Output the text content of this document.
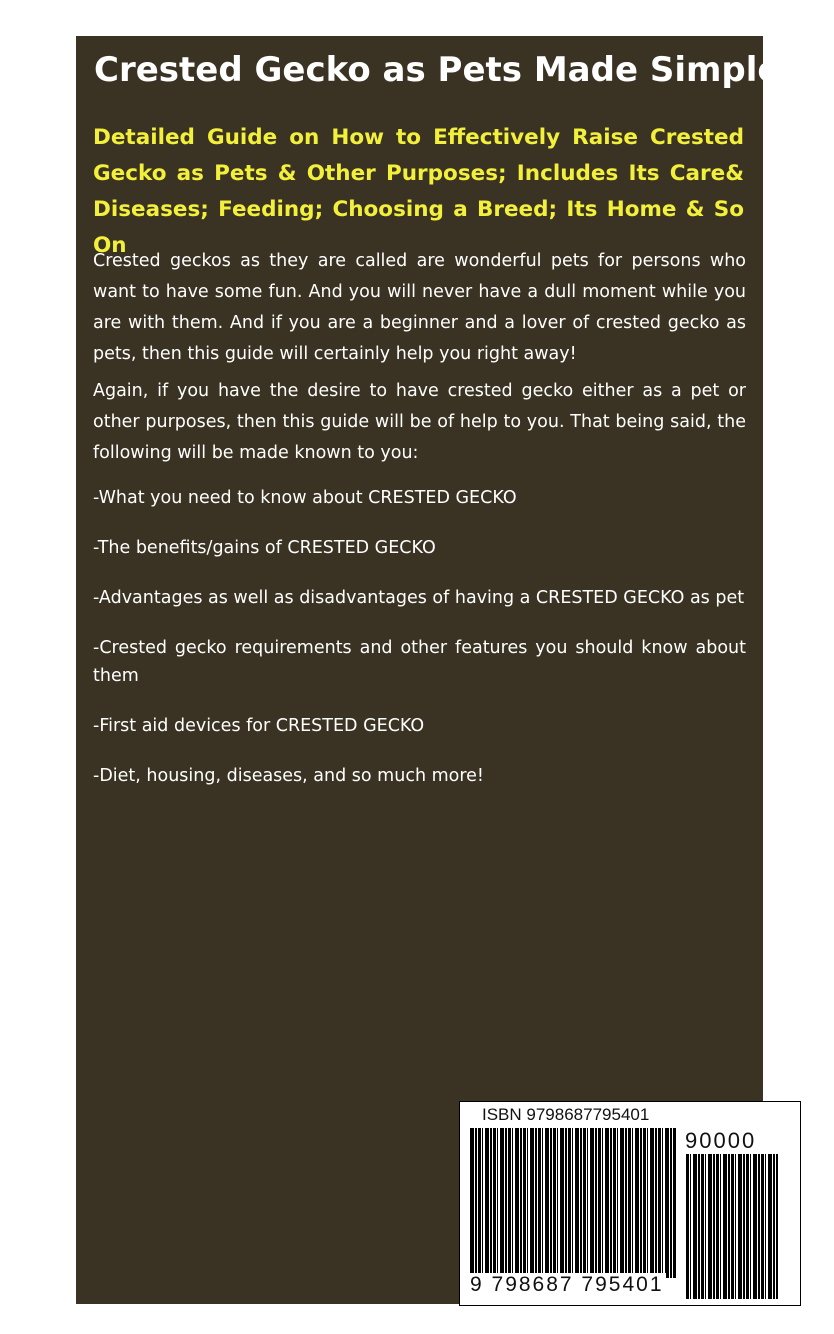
Crested Gecko as Pets Made Simple:
Detailed Guide on How to Effectively Raise Crested Gecko as Pets & Other Purposes; Includes Its Care& Diseases; Feeding; Choosing a Breed; Its Home & So On

Crested geckos as they are called are wonderful pets for persons who want to have some fun. And you will never have a dull moment while you are with them. And if you are a beginner and a lover of crested gecko as pets, then this guide will certainly help you right away!

Again, if you have the desire to have crested gecko either as a pet or other purposes, then this guide will be of help to you. That being said, the following will be made known to you:

-What you need to know about CRESTED GECKO
-The benefits/gains of CRESTED GECKO
-Advantages as well as disadvantages of having a CRESTED GECKO as pet
-Crested gecko requirements and other features you should know about them
-First aid devices for CRESTED GECKO
-Diet, housing, diseases, and so much more!
ISBN 9798687795401
90000
9 798687 795401
